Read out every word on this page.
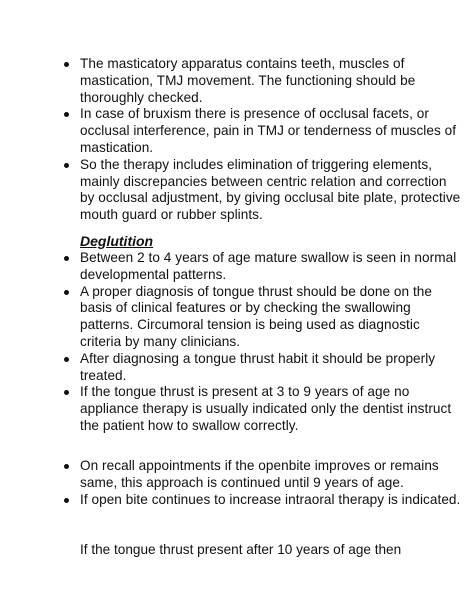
The masticatory apparatus contains teeth, muscles of mastication, TMJ movement. The functioning should be thoroughly checked.
In case of bruxism there is presence of occlusal facets, or occlusal interference, pain in TMJ or tenderness of muscles of mastication.
So the therapy includes elimination of triggering elements, mainly discrepancies between centric relation and correction by occlusal adjustment, by giving occlusal bite plate, protective mouth guard or rubber splints.
Deglutition
Between 2 to 4 years of age mature swallow is seen in normal developmental patterns.
A proper diagnosis of tongue thrust should be done on the basis of clinical features or by checking the swallowing patterns. Circumoral tension is being used as diagnostic criteria by many clinicians.
After diagnosing a tongue thrust habit it should be properly treated.
If the tongue thrust is present at 3 to 9 years of age no appliance therapy is usually indicated only the dentist instruct the patient how to swallow correctly.
On recall appointments if the openbite improves or remains same, this approach is continued until 9 years of age.
If open bite continues to increase intraoral therapy is indicated.
If the tongue thrust present after 10 years of age then
